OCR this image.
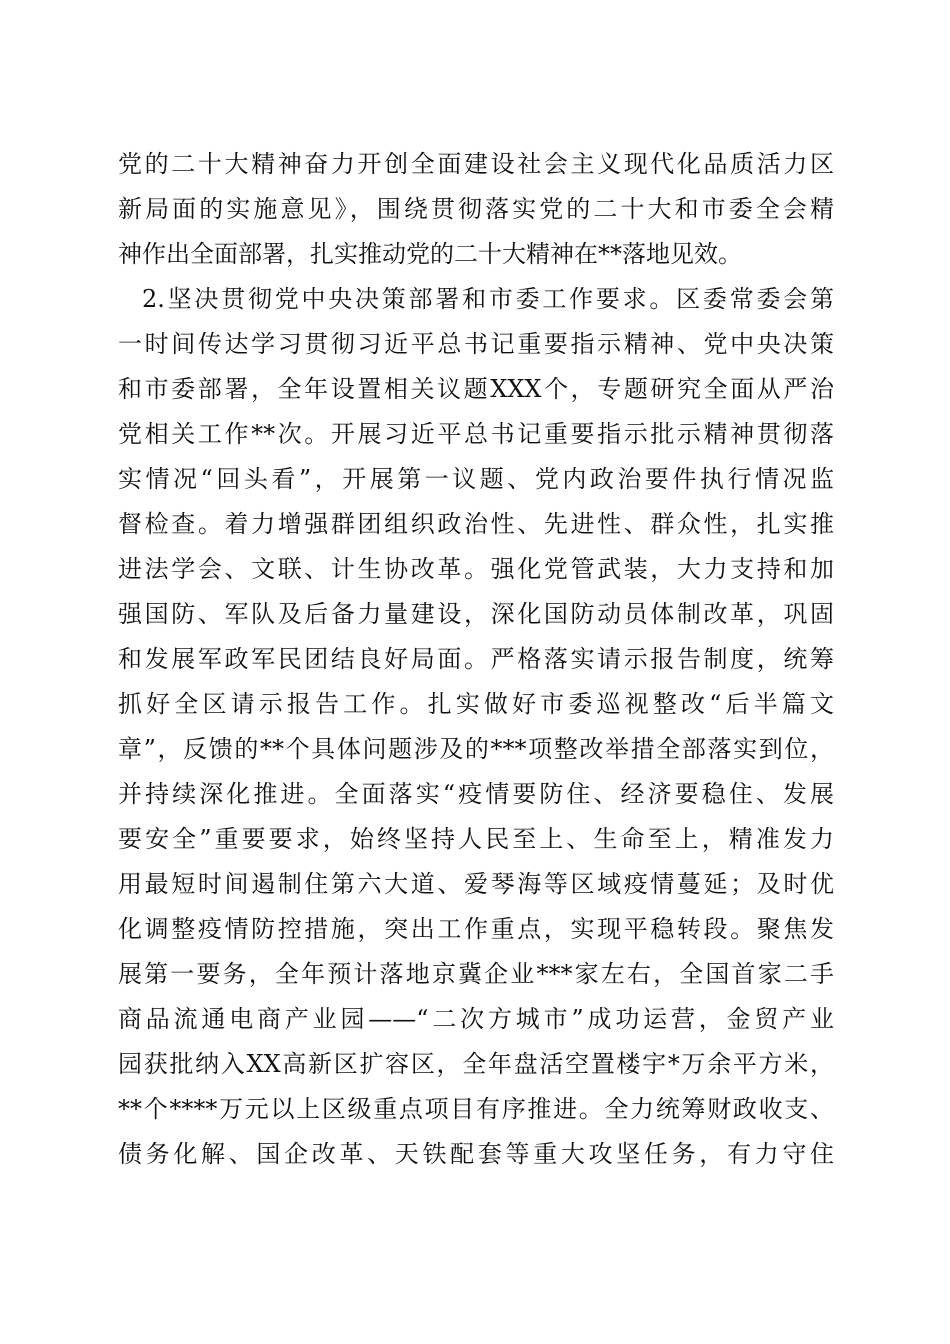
党的二十大精神奋力开创全面建设社会主义现代化品质活力区
新局面的实施意见》，围绕贯彻落实党的二十大和市委全会精
神作出全面部署，扎实推动党的二十大精神在**落地见效。
2.坚决贯彻党中央决策部署和市委工作要求。区委常委会第
一时间传达学习贯彻习近平总书记重要指示精神、党中央决策
和市委部署，全年设置相关议题XXX个，专题研究全面从严治
党相关工作**次。开展习近平总书记重要指示批示精神贯彻落
实情况“回头看”，开展第一议题、党内政治要件执行情况监
督检查。着力增强群团组织政治性、先进性、群众性，扎实推
进法学会、文联、计生协改革。强化党管武装，大力支持和加
强国防、军队及后备力量建设，深化国防动员体制改革，巩固
和发展军政军民团结良好局面。严格落实请示报告制度，统筹
抓好全区请示报告工作。扎实做好市委巡视整改“后半篇文
章”，反馈的**个具体问题涉及的***项整改举措全部落实到位，
并持续深化推进。全面落实“疫情要防住、经济要稳住、发展
要安全”重要要求，始终坚持人民至上、生命至上，精准发力
用最短时间遏制住第六大道、爱琴海等区域疫情蔓延；及时优
化调整疫情防控措施，突出工作重点，实现平稳转段。聚焦发
展第一要务，全年预计落地京冀企业***家左右，全国首家二手
商品流通电商产业园——“二次方城市”成功运营，金贸产业
园获批纳入XX高新区扩容区，全年盘活空置楼宇*万余平方米，
**个****万元以上区级重点项目有序推进。全力统筹财政收支、
债务化解、国企改革、天铁配套等重大攻坚任务，有力守住
